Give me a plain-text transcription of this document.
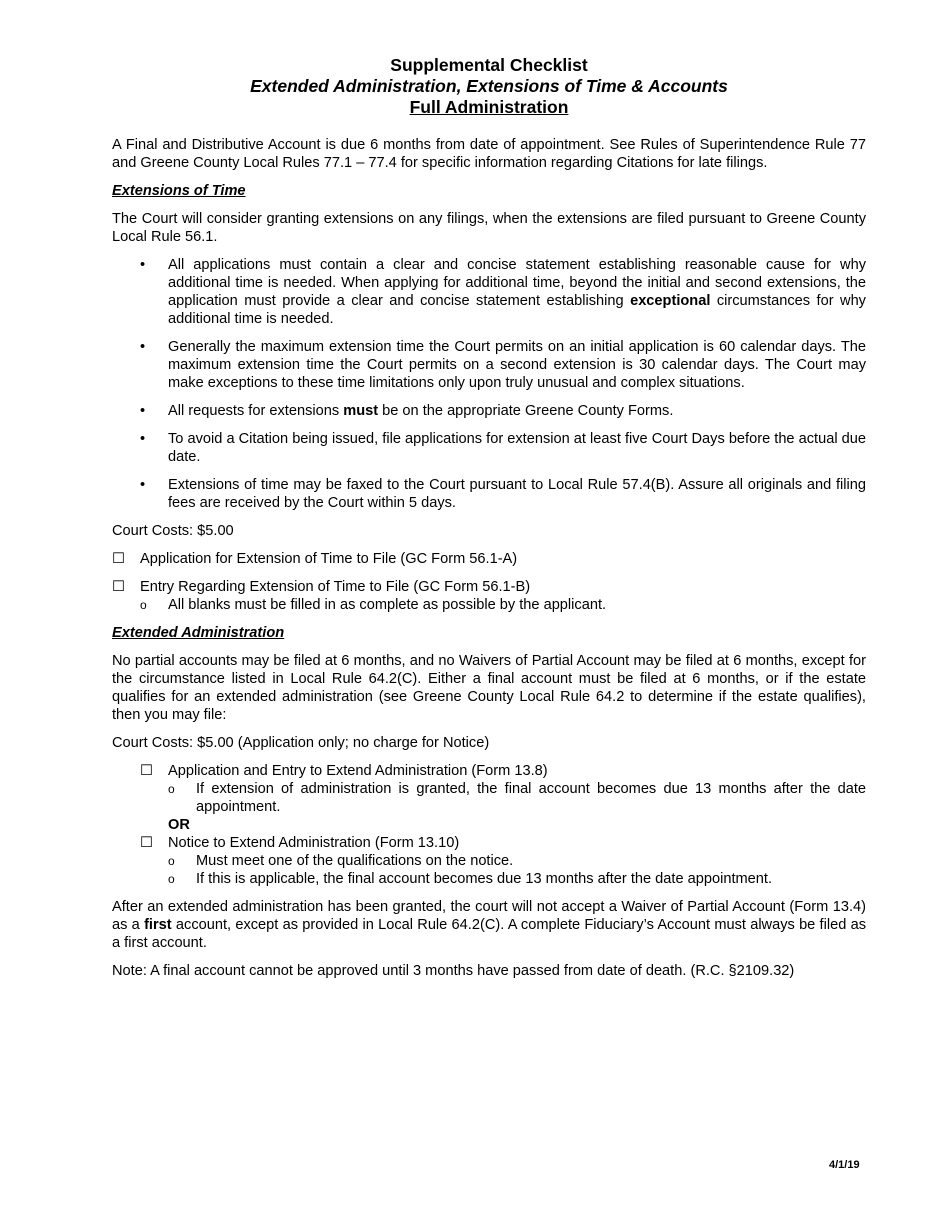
Supplemental Checklist
Extended Administration, Extensions of Time & Accounts
Full Administration

A Final and Distributive Account is due 6 months from date of appointment. See Rules of Superintendence Rule 77 and Greene County Local Rules 77.1 – 77.4 for specific information regarding Citations for late filings.

Extensions of Time

The Court will consider granting extensions on any filings, when the extensions are filed pursuant to Greene County Local Rule 56.1.

• All applications must contain a clear and concise statement establishing reasonable cause for why additional time is needed. When applying for additional time, beyond the initial and second extensions, the application must provide a clear and concise statement establishing exceptional circumstances for why additional time is needed.
• Generally the maximum extension time the Court permits on an initial application is 60 calendar days. The maximum extension time the Court permits on a second extension is 30 calendar days. The Court may make exceptions to these time limitations only upon truly unusual and complex situations.
• All requests for extensions must be on the appropriate Greene County Forms.
• To avoid a Citation being issued, file applications for extension at least five Court Days before the actual due date.
• Extensions of time may be faxed to the Court pursuant to Local Rule 57.4(B). Assure all originals and filing fees are received by the Court within 5 days.

Court Costs: $5.00

☐	Application for Extension of Time to File (GC Form 56.1-A)
☐	Entry Regarding Extension of Time to File (GC Form 56.1-B)
o	All blanks must be filled in as complete as possible by the applicant.
Extended Administration

No partial accounts may be filed at 6 months, and no Waivers of Partial Account may be filed at 6 months, except for the circumstance listed in Local Rule 64.2(C). Either a final account must be filed at 6 months, or if the estate qualifies for an extended administration (see Greene County Local Rule 64.2 to determine if the estate qualifies), then you may file:

Court Costs: $5.00 (Application only; no charge for Notice)

☐	Application and Entry to Extend Administration (Form 13.8)
o	If extension of administration is granted, the final account becomes due 13 months after the date appointment.
OR
☐	Notice to Extend Administration (Form 13.10)
o	Must meet one of the qualifications on the notice.
o	If this is applicable, the final account becomes due 13 months after the date appointment.

After an extended administration has been granted, the court will not accept a Waiver of Partial Account (Form 13.4) as a first account, except as provided in Local Rule 64.2(C). A complete Fiduciary’s Account must always be filed as a first account.

Note: A final account cannot be approved until 3 months have passed from date of death. (R.C. §2109.32)

4/1/19
